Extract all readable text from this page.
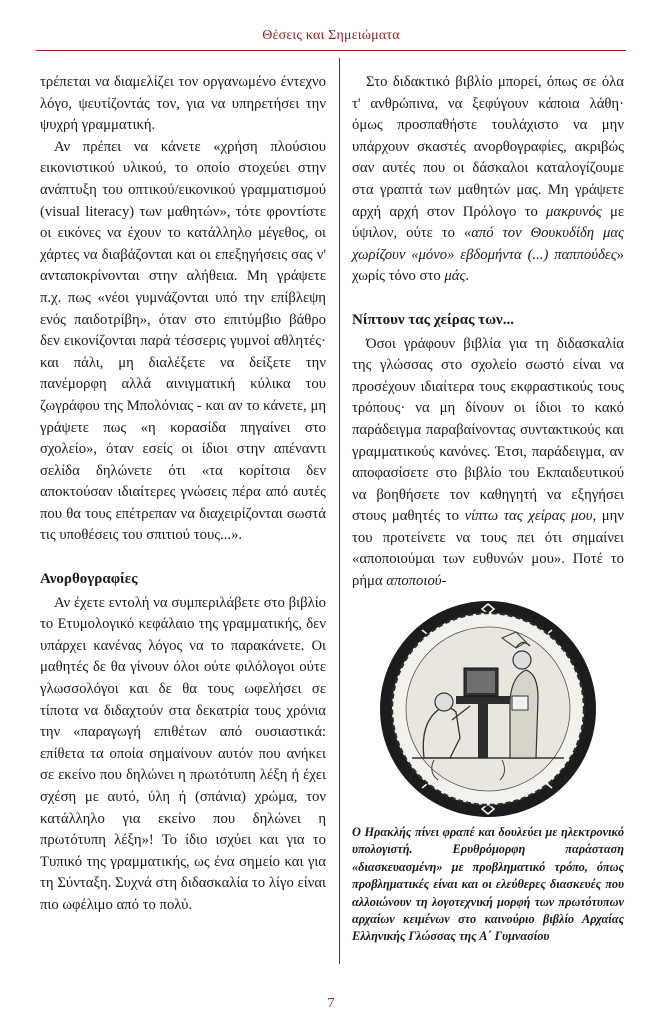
Θέσεις και Σημειώματα

τρέπεται να διαμελίζει τον οργανωμένο έντεχνο λόγο, ψευτίζοντάς τον, για να υπηρετήσει την ψυχρή γραμματική.

Αν πρέπει να κάνετε «χρήση πλούσιου εικονιστικού υλικού, το οποίο στοχεύει στην ανάπτυξη του οπτικού/εικονικού γραμματισμού (visual literacy) των μαθητών», τότε φροντίστε οι εικόνες να έχουν το κατάλληλο μέγεθος, οι χάρτες να διαβάζονται και οι επεξηγήσεις σας ν' ανταποκρίνονται στην αλήθεια. Μη γράψετε π.χ. πως «νέοι γυμνάζονται υπό την επίβλεψη ενός παιδοτρίβη», όταν στο επιτύμβιο βάθρο δεν εικονίζονται παρά τέσσερις γυμνοί αθλητές· και πάλι, μη διαλέξετε να δείξετε την πανέμορφη αλλά αινιγματική κύλικα του ζωγράφου της Μπολόνιας - και αν το κάνετε, μη γράψετε πως «η κορασίδα πηγαίνει στο σχολείο», όταν εσείς οι ίδιοι στην απέναντι σελίδα δηλώνετε ότι «τα κορίτσια δεν αποκτούσαν ιδιαίτερες γνώσεις πέρα από αυτές που θα τους επέτρεπαν να διαχειρίζονται σωστά τις υποθέσεις του σπιτιού τους...».

Ανορθογραφίες

Αν έχετε εντολή να συμπεριλάβετε στο βιβλίο το Ετυμολογικό κεφάλαιο της γραμματικής, δεν υπάρχει κανένας λόγος να το παρακάνετε. Οι μαθητές δε θα γίνουν όλοι ούτε φιλόλογοι ούτε γλωσσολόγοι και δε θα τους ωφελήσει σε τίποτα να διδαχτούν στα δεκατρία τους χρόνια την «παραγωγή επιθέτων από ουσιαστικά: επίθετα τα οποία σημαίνουν αυτόν που ανήκει σε εκείνο που δηλώνει η πρωτότυπη λέξη ή έχει σχέση με αυτό, ύλη ή (σπάνια) χρώμα, τον κατάλληλο για εκείνο που δηλώνει η πρωτότυπη λέξη»! Το ίδιο ισχύει και για το Τυπικό της γραμματικής, ως ένα σημείο και για τη Σύνταξη. Συχνά στη διδασκαλία το λίγο είναι πιο ωφέλιμο από το πολύ.

Στο διδακτικό βιβλίο μπορεί, όπως σε όλα τ' ανθρώπινα, να ξεφύγουν κάποια λάθη· όμως προσπαθήστε τουλάχιστο να μην υπάρχουν σκαστές ανορθογραφίες, ακριβώς σαν αυτές που οι δάσκαλοι καταλογίζουμε στα γραπτά των μαθητών μας. Μη γράψετε αρχή αρχή στον Πρόλογο το μακρυνός με ύψιλον, ούτε το «από τον Θουκυδίδη μας χωρίζουν «μόνο» εβδομήντα (...) παππούδες» χωρίς τόνο στο μάς.

Νίπτουν τας χείρας των...

Όσοι γράφουν βιβλία για τη διδασκαλία της γλώσσας στο σχολείο σωστό είναι να προσέχουν ιδιαίτερα τους εκφραστικούς τους τρόπους· να μη δίνουν οι ίδιοι το κακό παράδειγμα παραβαίνοντας συντακτικούς και γραμματικούς κανόνες. Έτσι, παράδειγμα, αν αποφασίσετε στο βιβλίο του Εκπαιδευτικού να βοηθήσετε τον καθηγητή να εξηγήσει στους μαθητές το νίπτω τας χείρας μου, μην του προτείνετε να τους πει ότι σημαίνει «αποποιούμαι των ευθυνών μου». Ποτέ το ρήμα αποποιού-

Ο Ηρακλής πίνει φραπέ και δουλεύει με ηλεκτρονικό υπολογιστή. Ερυθρόμορφη παράσταση «διασκευασμένη» με προβληματικό τρόπο, όπως προβληματικές είναι και οι ελεύθερες διασκευές που αλλοιώνουν τη λογοτεχνική μορφή των πρωτότυπων αρχαίων κειμένων στο καινούριο βιβλίο Αρχαίας Ελληνικής Γλώσσας της Α΄ Γυμνασίου
7
